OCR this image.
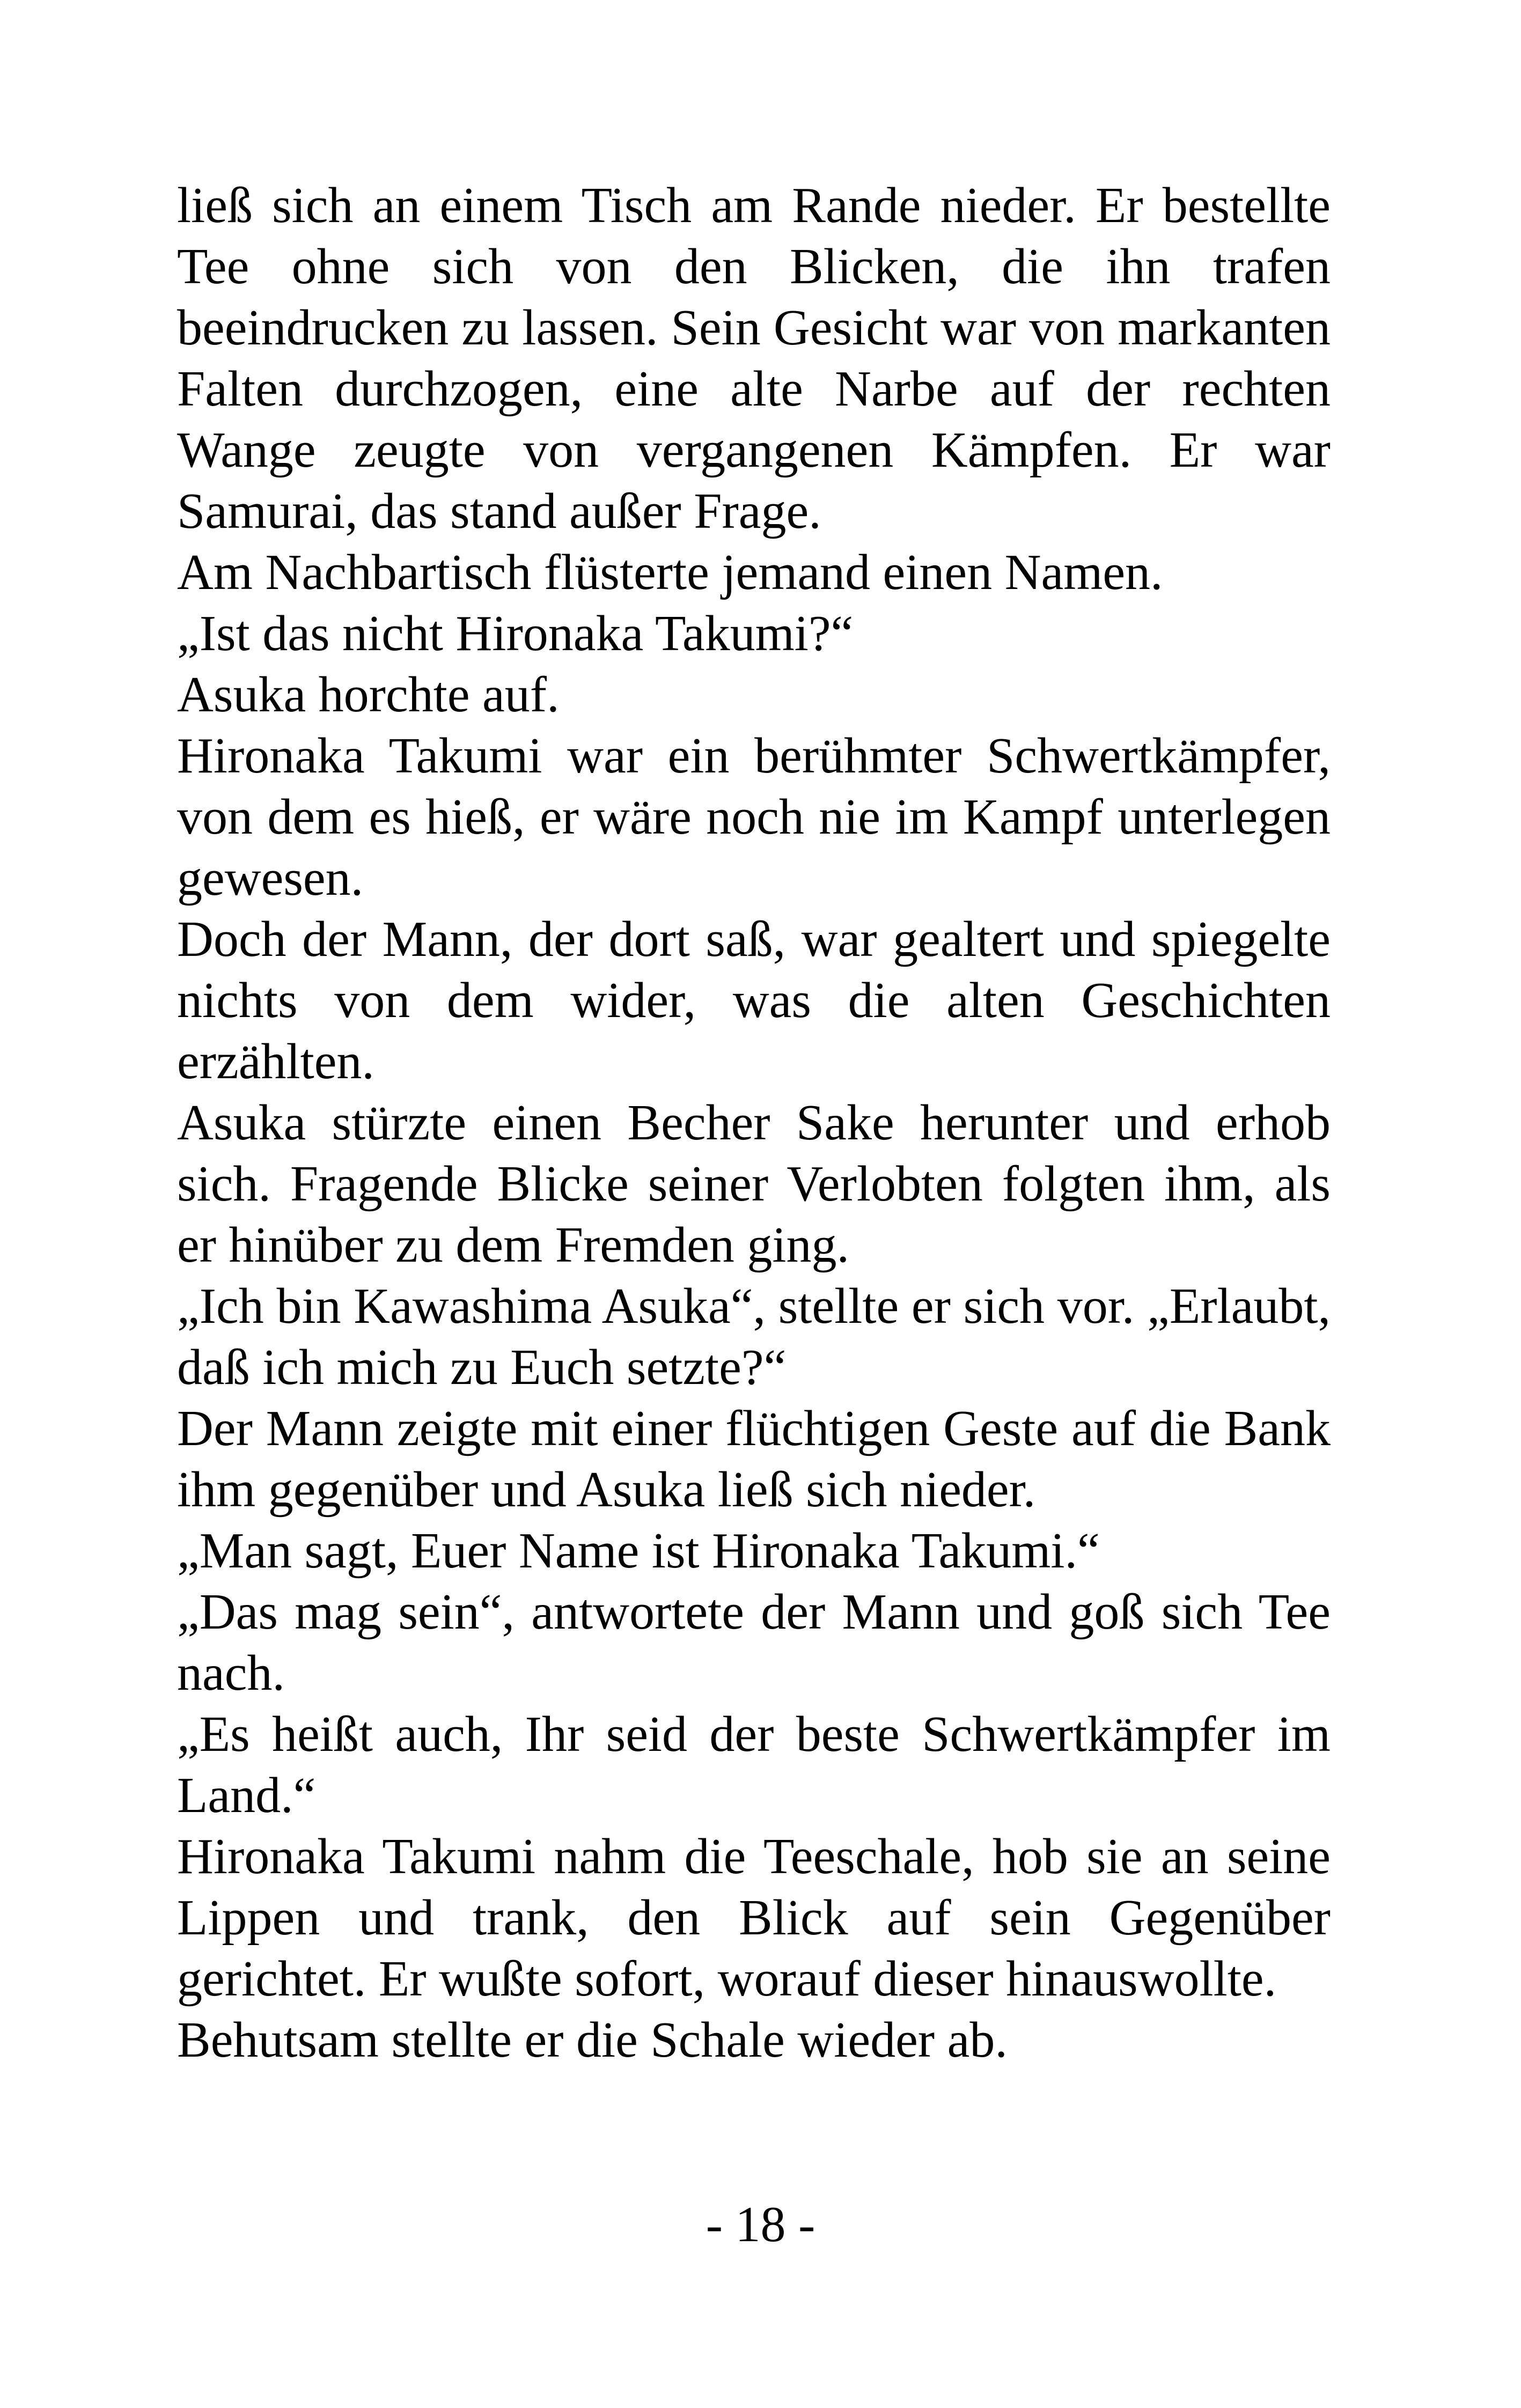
ließ sich an einem Tisch am Rande nieder. Er bestellte Tee ohne sich von den Blicken, die ihn trafen beeindrucken zu lassen. Sein Gesicht war von markanten Falten durchzogen, eine alte Narbe auf der rechten Wange zeugte von vergangenen Kämpfen. Er war Samurai, das stand außer Frage.

Am Nachbartisch flüsterte jemand einen Namen.

„Ist das nicht Hironaka Takumi?“

Asuka horchte auf.

Hironaka Takumi war ein berühmter Schwertkämpfer, von dem es hieß, er wäre noch nie im Kampf unterlegen gewesen.

Doch der Mann, der dort saß, war gealtert und spiegelte nichts von dem wider, was die alten Geschichten erzählten.

Asuka stürzte einen Becher Sake herunter und erhob sich. Fragende Blicke seiner Verlobten folgten ihm, als er hinüber zu dem Fremden ging.

„Ich bin Kawashima Asuka“, stellte er sich vor. „Erlaubt, daß ich mich zu Euch setzte?“

Der Mann zeigte mit einer flüchtigen Geste auf die Bank ihm gegenüber und Asuka ließ sich nieder.

„Man sagt, Euer Name ist Hironaka Takumi.“

„Das mag sein“, antwortete der Mann und goß sich Tee nach.

„Es heißt auch, Ihr seid der beste Schwertkämpfer im Land.“

Hironaka Takumi nahm die Teeschale, hob sie an seine Lippen und trank, den Blick auf sein Gegenüber gerichtet. Er wußte sofort, worauf dieser hinauswollte.

Behutsam stellte er die Schale wieder ab.

- 18 -
